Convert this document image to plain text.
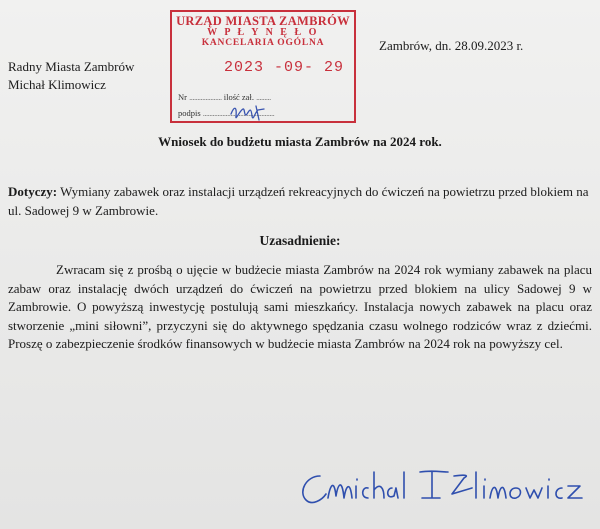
Radny Miasta Zambrów
Michał Klimowicz
Zambrów, dn. 28.09.2023 r.
URZĄD MIASTA ZAMBRÓW
W P Ł Y N Ę Ł O
KANCELARIA OGÓLNA
2023 -09- 29
Nr .................... ilość zał. .........
podpis ............................................
Wniosek do budżetu miasta Zambrów na 2024 rok.
Dotyczy: Wymiany zabawek oraz instalacji urządzeń rekreacyjnych do ćwiczeń na powietrzu przed blokiem na ul. Sadowej 9 w Zambrowie.
Uzasadnienie:
Zwracam się z prośbą o ujęcie w budżecie miasta Zambrów na 2024 rok wymiany zabawek na placu zabaw oraz instalację dwóch urządzeń do ćwiczeń na powietrzu przed blokiem na ulicy Sadowej 9 w Zambrowie. O powyższą inwestycję postulują sami mieszkańcy. Instalacja nowych zabawek na placu oraz stworzenie „mini siłowni”, przyczyni się do aktywnego spędzania czasu wolnego rodziców wraz z dziećmi. Proszę o zabezpieczenie środków finansowych w budżecie miasta Zambrów na 2024 rok na powyższy cel.
